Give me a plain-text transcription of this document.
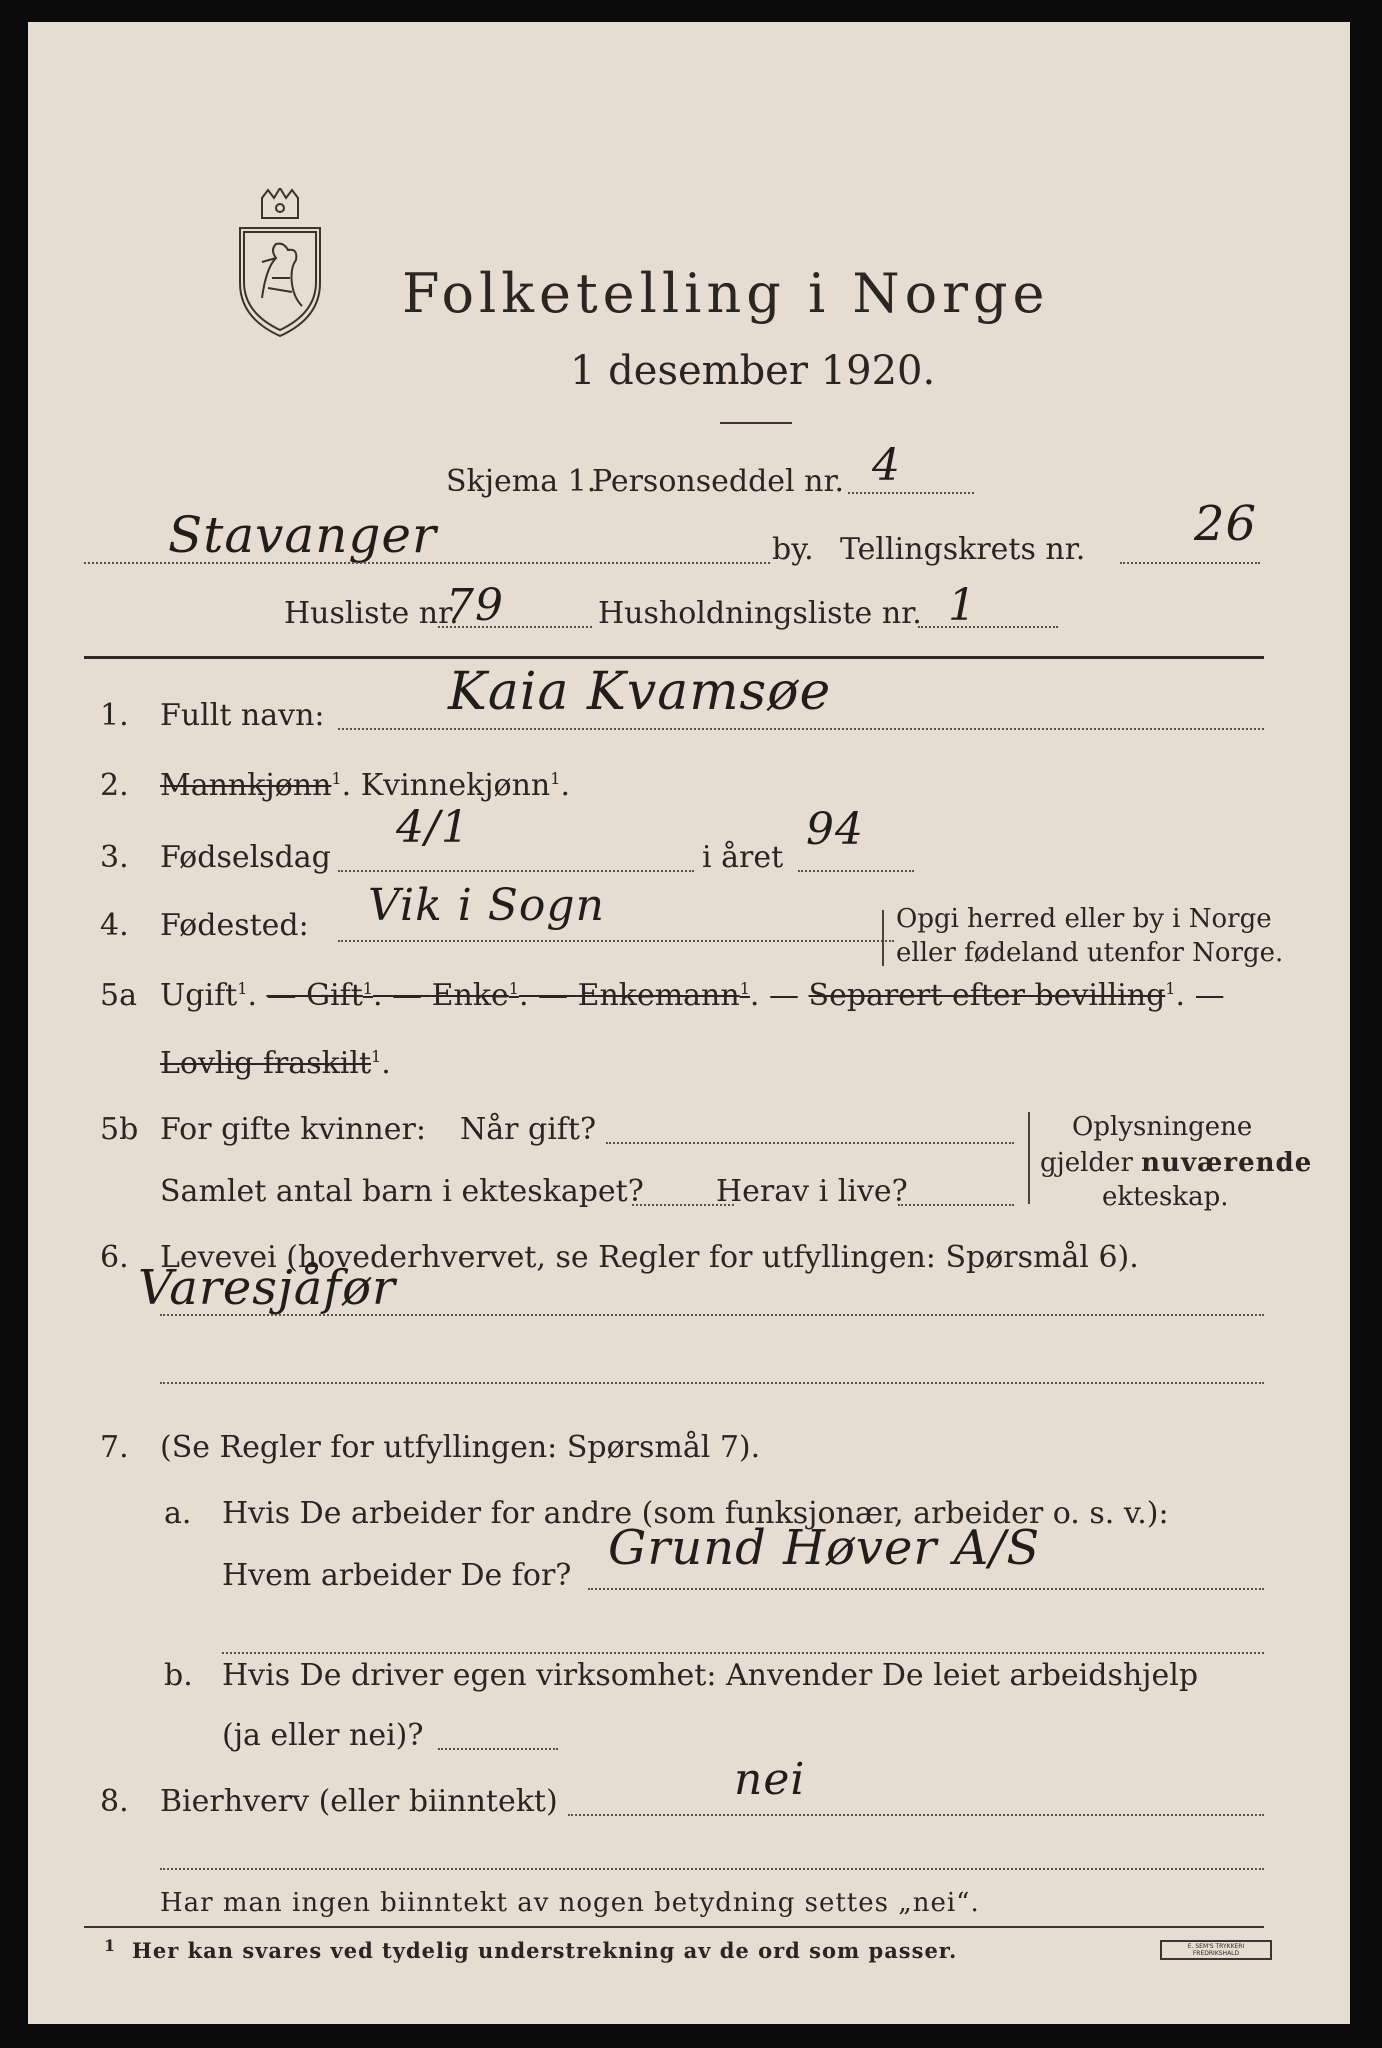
Folketelling i Norge
1 desember 1920.
Skjema 1.
Personseddel nr. 4
Stavanger	by. Tellingskrets nr. 26
Husliste nr.
79	Husholdningsliste nr. 1
1. Fullt navn: Kaia Kvamsøe
2. Mannkjønn$^1$. Kvinnekjønn$^1$.
3. Fødselsdag
4/1
i året
94
4. Fødested: Vik i Sogn	Opgi herred eller by i Norge
eller fødeland utenfor Norge.
5a Ugift$^1$. — Gift$^1$. — Enke$^1$. — Enkemann$^1$. — Separert efter bevilling$^1$. —
Lovlig fraskilt$^1$.
5b For gifte kvinner: Når gift?
Samlet antal barn i ekteskapet? Herav i live?
Oplysningene
gjelder nuværende
ekteskap.
6. Levevei (hovederhvervet, se Regler for utfyllingen: Spørsmål 6).
Varesjåfør
7. (Se Regler for utfyllingen: Spørsmål 7).
a. Hvis De arbeider for andre (som funksjonær, arbeider o. s. v.):
Hvem arbeider De for? Grund Høver A/S
b. Hvis De driver egen virksomhet: Anvender De leiet arbeidshjelp
(ja eller nei)?
8. Bierhverv (eller biinntekt)	nei
Har man ingen biinntekt av nogen betydning settes „nei“.
1 Her kan svares ved tydelig understrekning av de ord som passer.	E. SEM'S TRYKKERI
FREDRIKSHALD
